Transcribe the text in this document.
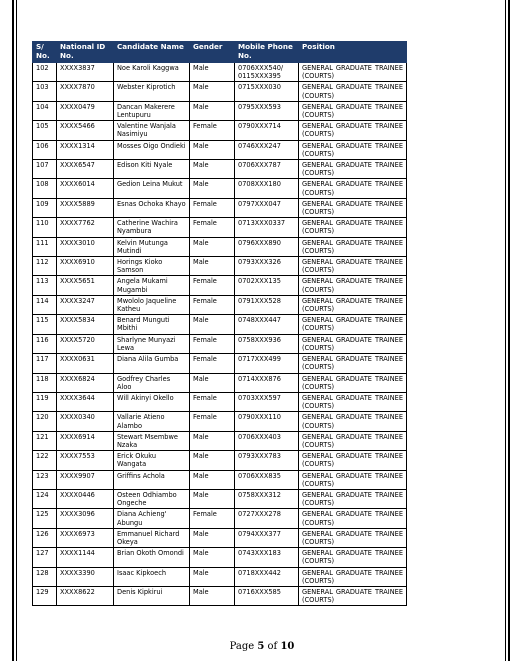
S/ No.	National ID No.	Candidate Name	Gender	Mobile Phone No.	Position
102	XXXX3837	Noe Karoli Kaggwa	Male	0706XXX540/ 0115XXX395	GENERAL GRADUATE TRAINEE (COURTS)
103	XXXX7870	Webster Kiprotich	Male	0715XXX030	GENERAL GRADUATE TRAINEE (COURTS)
104	XXXX0479	Dancan Makerere Lentupuru	Male	0795XXX593	GENERAL GRADUATE TRAINEE (COURTS)
105	XXXX5466	Valentine Wanjala Nasimiyu	Female	0790XXX714	GENERAL GRADUATE TRAINEE (COURTS)
106	XXXX1314	Mosses Oigo Ondieki	Male	0746XXX247	GENERAL GRADUATE TRAINEE (COURTS)
107	XXXX6547	Edison Kiti Nyale	Male	0706XXX787	GENERAL GRADUATE TRAINEE (COURTS)
108	XXXX6014	Gedion Leina Mukut	Male	0708XXX180	GENERAL GRADUATE TRAINEE (COURTS)
109	XXXX5889	Esnas Ochoka Khayo	Female	0797XXX047	GENERAL GRADUATE TRAINEE (COURTS)
110	XXXX7762	Catherine Wachira Nyambura	Female	0713XXX0337	GENERAL GRADUATE TRAINEE (COURTS)
111	XXXX3010	Kelvin Mutunga Mutindi	Male	0796XXX890	GENERAL GRADUATE TRAINEE (COURTS)
112	XXXX6910	Horings Kioko Samson	Male	0793XXX326	GENERAL GRADUATE TRAINEE (COURTS)
113	XXXX5651	Angela Mukami Mugambi	Female	0702XXX135	GENERAL GRADUATE TRAINEE (COURTS)
114	XXXX3247	Mwololo Jaqueline Katheu	Female	0791XXX528	GENERAL GRADUATE TRAINEE (COURTS)
115	XXXX5834	Benard Munguti Mbithi	Male	0748XXX447	GENERAL GRADUATE TRAINEE (COURTS)
116	XXXX5720	Sharlyne Munyazi Lewa	Female	0758XXX936	GENERAL GRADUATE TRAINEE (COURTS)
117	XXXX0631	Diana Alila Gumba	Female	0717XXX499	GENERAL GRADUATE TRAINEE (COURTS)
118	XXXX6824	Godfrey Charles Aloo	Male	0714XXX876	GENERAL GRADUATE TRAINEE (COURTS)
119	XXXX3644	Will Akinyi Okello	Female	0703XXX597	GENERAL GRADUATE TRAINEE (COURTS)
120	XXXX0340	Vallarie Atieno Alambo	Female	0790XXX110	GENERAL GRADUATE TRAINEE (COURTS)
121	XXXX6914	Stewart Msembwe Nzaka	Male	0706XXX403	GENERAL GRADUATE TRAINEE (COURTS)
122	XXXX7553	Erick Okuku Wangata	Male	0793XXX783	GENERAL GRADUATE TRAINEE (COURTS)
123	XXXX9907	Griffins Achola	Male	0706XXX835	GENERAL GRADUATE TRAINEE (COURTS)
124	XXXX0446	Osteen Odhiambo Ongeche	Male	0758XXX312	GENERAL GRADUATE TRAINEE (COURTS)
125	XXXX3096	Diana Achieng' Abungu	Female	0727XXX278	GENERAL GRADUATE TRAINEE (COURTS)
126	XXXX6973	Emmanuel Richard Okeya	Male	0794XXX377	GENERAL GRADUATE TRAINEE (COURTS)
127	XXXX1144	Brian Okoth Omondi	Male	0743XXX183	GENERAL GRADUATE TRAINEE (COURTS)
128	XXXX3390	Isaac Kipkoech	Male	0718XXX442	GENERAL GRADUATE TRAINEE (COURTS)
129	XXXX8622	Denis Kipkirui	Male	0716XXX585	GENERAL GRADUATE TRAINEE (COURTS)
Page 5 of 10
